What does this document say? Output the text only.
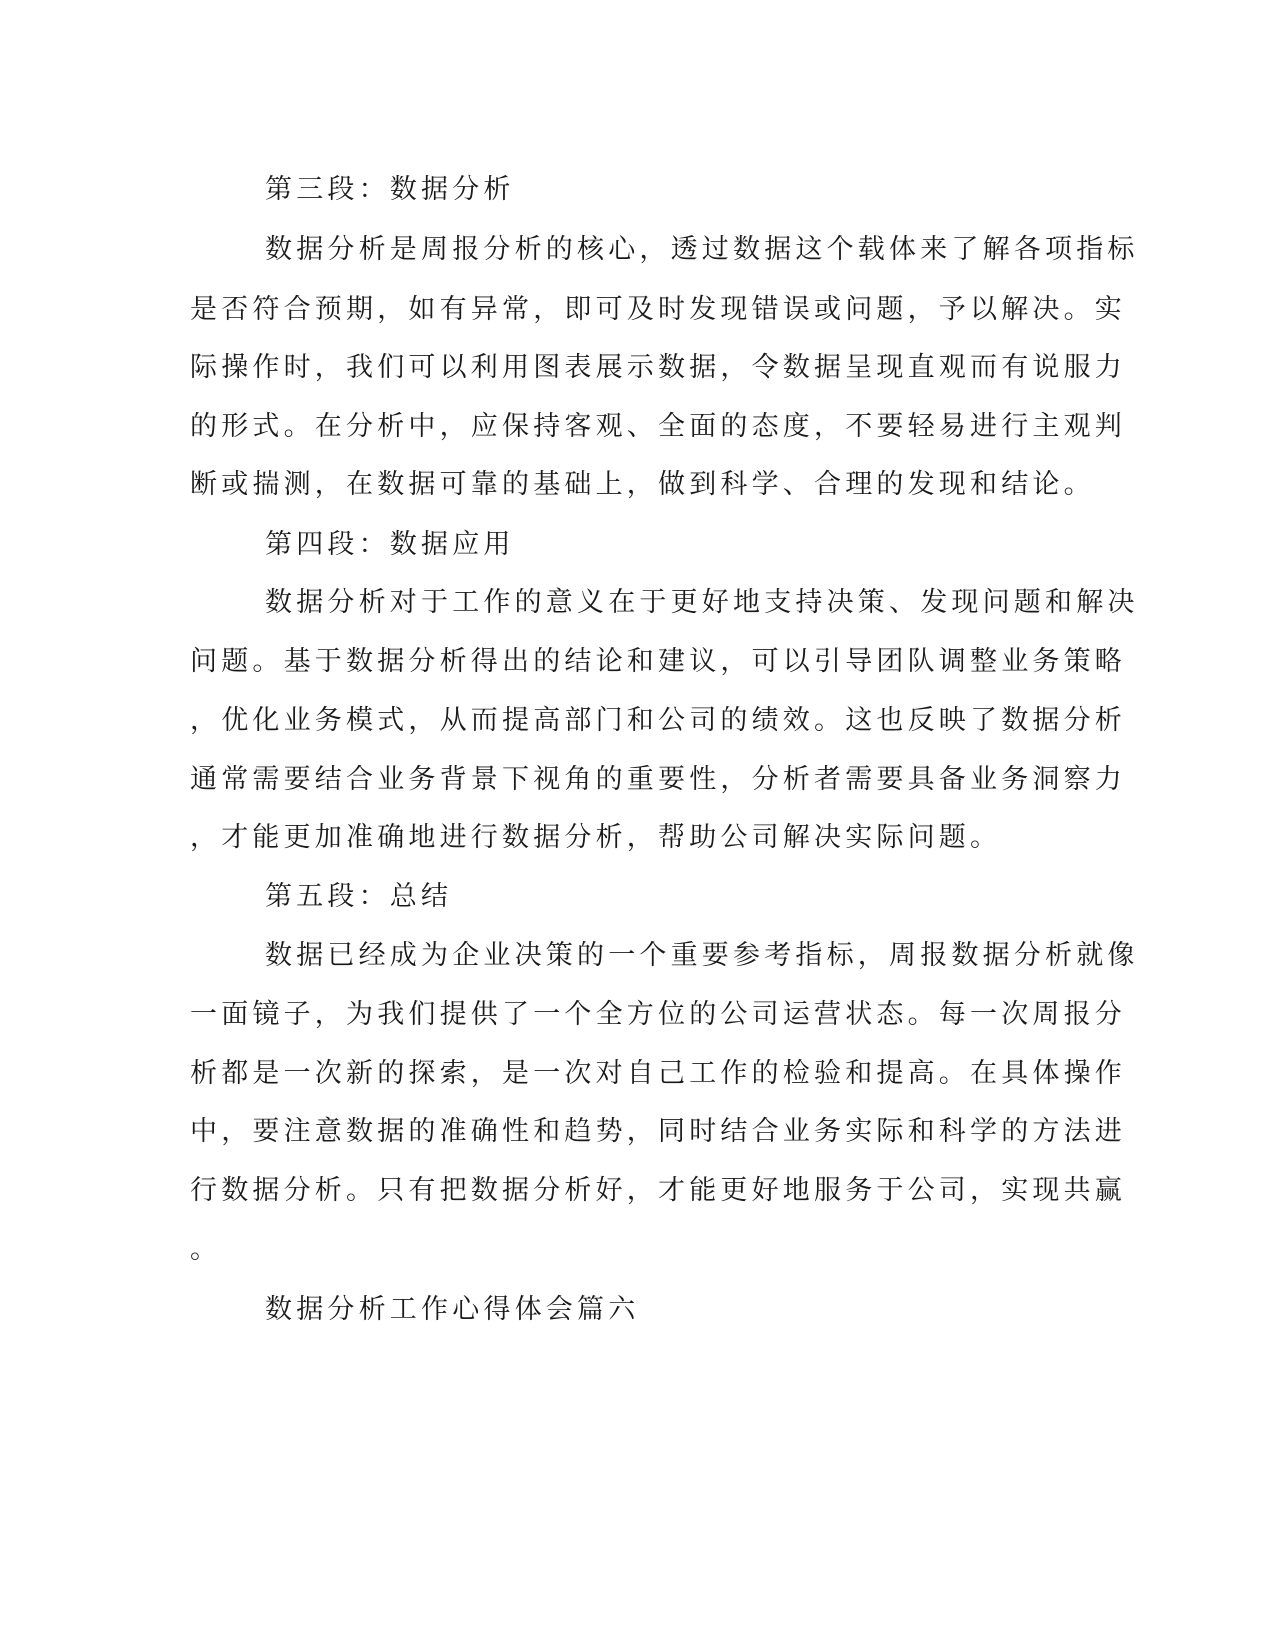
第三段：数据分析
数据分析是周报分析的核心，透过数据这个载体来了解各项指标
是否符合预期，如有异常，即可及时发现错误或问题，予以解决。实
际操作时，我们可以利用图表展示数据，令数据呈现直观而有说服力
的形式。在分析中，应保持客观、全面的态度，不要轻易进行主观判
断或揣测，在数据可靠的基础上，做到科学、合理的发现和结论。
第四段：数据应用
数据分析对于工作的意义在于更好地支持决策、发现问题和解决
问题。基于数据分析得出的结论和建议，可以引导团队调整业务策略
，优化业务模式，从而提高部门和公司的绩效。这也反映了数据分析
通常需要结合业务背景下视角的重要性，分析者需要具备业务洞察力
，才能更加准确地进行数据分析，帮助公司解决实际问题。
第五段：总结
数据已经成为企业决策的一个重要参考指标，周报数据分析就像
一面镜子，为我们提供了一个全方位的公司运营状态。每一次周报分
析都是一次新的探索，是一次对自己工作的检验和提高。在具体操作
中，要注意数据的准确性和趋势，同时结合业务实际和科学的方法进
行数据分析。只有把数据分析好，才能更好地服务于公司，实现共赢
。
数据分析工作心得体会篇六
